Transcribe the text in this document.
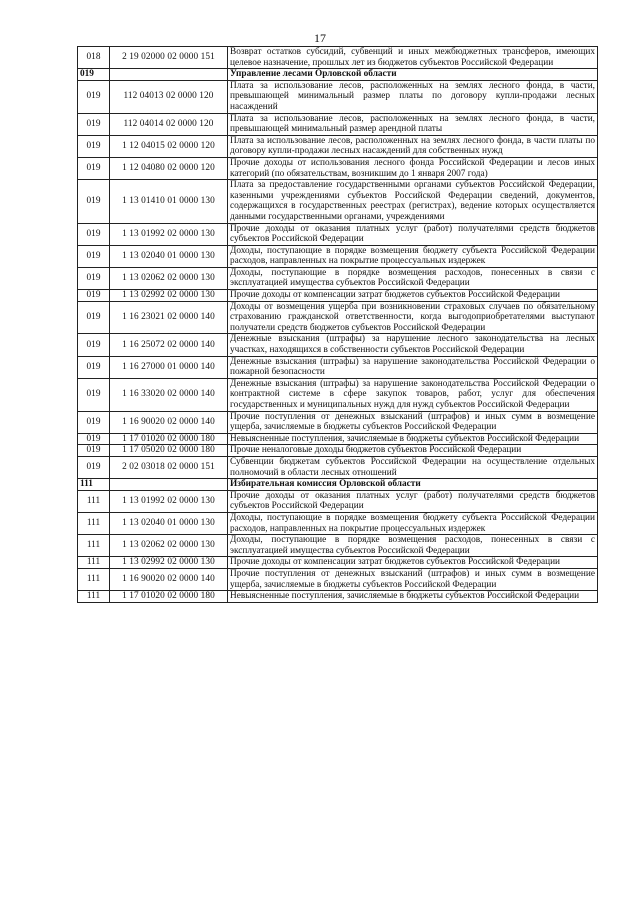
17
018	2 19 02000 02 0000 151	Возврат остатков субсидий, субвенций и иных межбюджетных трансферов, имеющих целевое назначение, прошлых лет из бюджетов субъектов Российской Федерации
019		Управление лесами Орловской области
019	112 04013 02 0000 120	Плата за использование лесов, расположенных на землях лесного фонда, в части, превышающей минимальный размер платы по договору купли-продажи лесных насаждений
019	112 04014 02 0000 120	Плата за использование лесов, расположенных на землях лесного фонда, в части, превышающей минимальный размер арендной платы
019	1 12 04015 02 0000 120	Плата за использование лесов, расположенных на землях лесного фонда, в части платы по договору купли-продажи лесных насаждений для собственных нужд
019	1 12 04080 02 0000 120	Прочие доходы от использования лесного фонда Российской Федерации и лесов иных категорий (по обязательствам, возникшим до 1 января 2007 года)
019	1 13 01410 01 0000 130	Плата за предоставление государственными органами субъектов Российской Федерации, казенными учреждениями субъектов Российской Федерации сведений, документов, содержащихся в государственных реестрах (регистрах), ведение которых осуществляется данными государственными органами, учреждениями
019	1 13 01992 02 0000 130	Прочие доходы от оказания платных услуг (работ) получателями средств бюджетов субъектов Российской Федерации
019	1 13 02040 01 0000 130	Доходы, поступающие в порядке возмещения бюджету субъекта Российской Федерации расходов, направленных на покрытие процессуальных издержек
019	1 13 02062 02 0000 130	Доходы, поступающие в порядке возмещения расходов, понесенных в связи с эксплуатацией имущества субъектов Российской Федерации
019	1 13 02992 02 0000 130	Прочие доходы от компенсации затрат бюджетов субъектов Российской Федерации
019	1 16 23021 02 0000 140	Доходы от возмещения ущерба при возникновении страховых случаев по обязательному страхованию гражданской ответственности, когда выгодоприобретателями выступают получатели средств бюджетов субъектов Российской Федерации
019	1 16 25072 02 0000 140	Денежные взыскания (штрафы) за нарушение лесного законодательства на лесных участках, находящихся в собственности субъектов Российской Федерации
019	1 16 27000 01 0000 140	Денежные взыскания (штрафы) за нарушение законодательства Российской Федерации о пожарной безопасности
019	1 16 33020 02 0000 140	Денежные взыскания (штрафы) за нарушение законодательства Российской Федерации о контрактной системе в сфере закупок товаров, работ, услуг для обеспечения государственных и муниципальных нужд для нужд субъектов Российской Федерации
019	1 16 90020 02 0000 140	Прочие поступления от денежных взысканий (штрафов) и иных сумм в возмещение ущерба, зачисляемые в бюджеты субъектов Российской Федерации
019	1 17 01020 02 0000 180	Невыясненные поступления, зачисляемые в бюджеты субъектов Российской Федерации
019	1 17 05020 02 0000 180	Прочие неналоговые доходы бюджетов субъектов Российской Федерации
019	2 02 03018 02 0000 151	Субвенции бюджетам субъектов Российской Федерации на осуществление отдельных полномочий в области лесных отношений
111		Избирательная комиссия Орловской области
111	1 13 01992 02 0000 130	Прочие доходы от оказания платных услуг (работ) получателями средств бюджетов субъектов Российской Федерации
111	1 13 02040 01 0000 130	Доходы, поступающие в порядке возмещения бюджету субъекта Российской Федерации расходов, направленных на покрытие процессуальных издержек
111	1 13 02062 02 0000 130	Доходы, поступающие в порядке возмещения расходов, понесенных в связи с эксплуатацией имущества субъектов Российской Федерации
111	1 13 02992 02 0000 130	Прочие доходы от компенсации затрат бюджетов субъектов Российской Федерации
111	1 16 90020 02 0000 140	Прочие поступления от денежных взысканий (штрафов) и иных сумм в возмещение ущерба, зачисляемые в бюджеты субъектов Российской Федерации
111	1 17 01020 02 0000 180	Невыясненные поступления, зачисляемые в бюджеты субъектов Российской Федерации
